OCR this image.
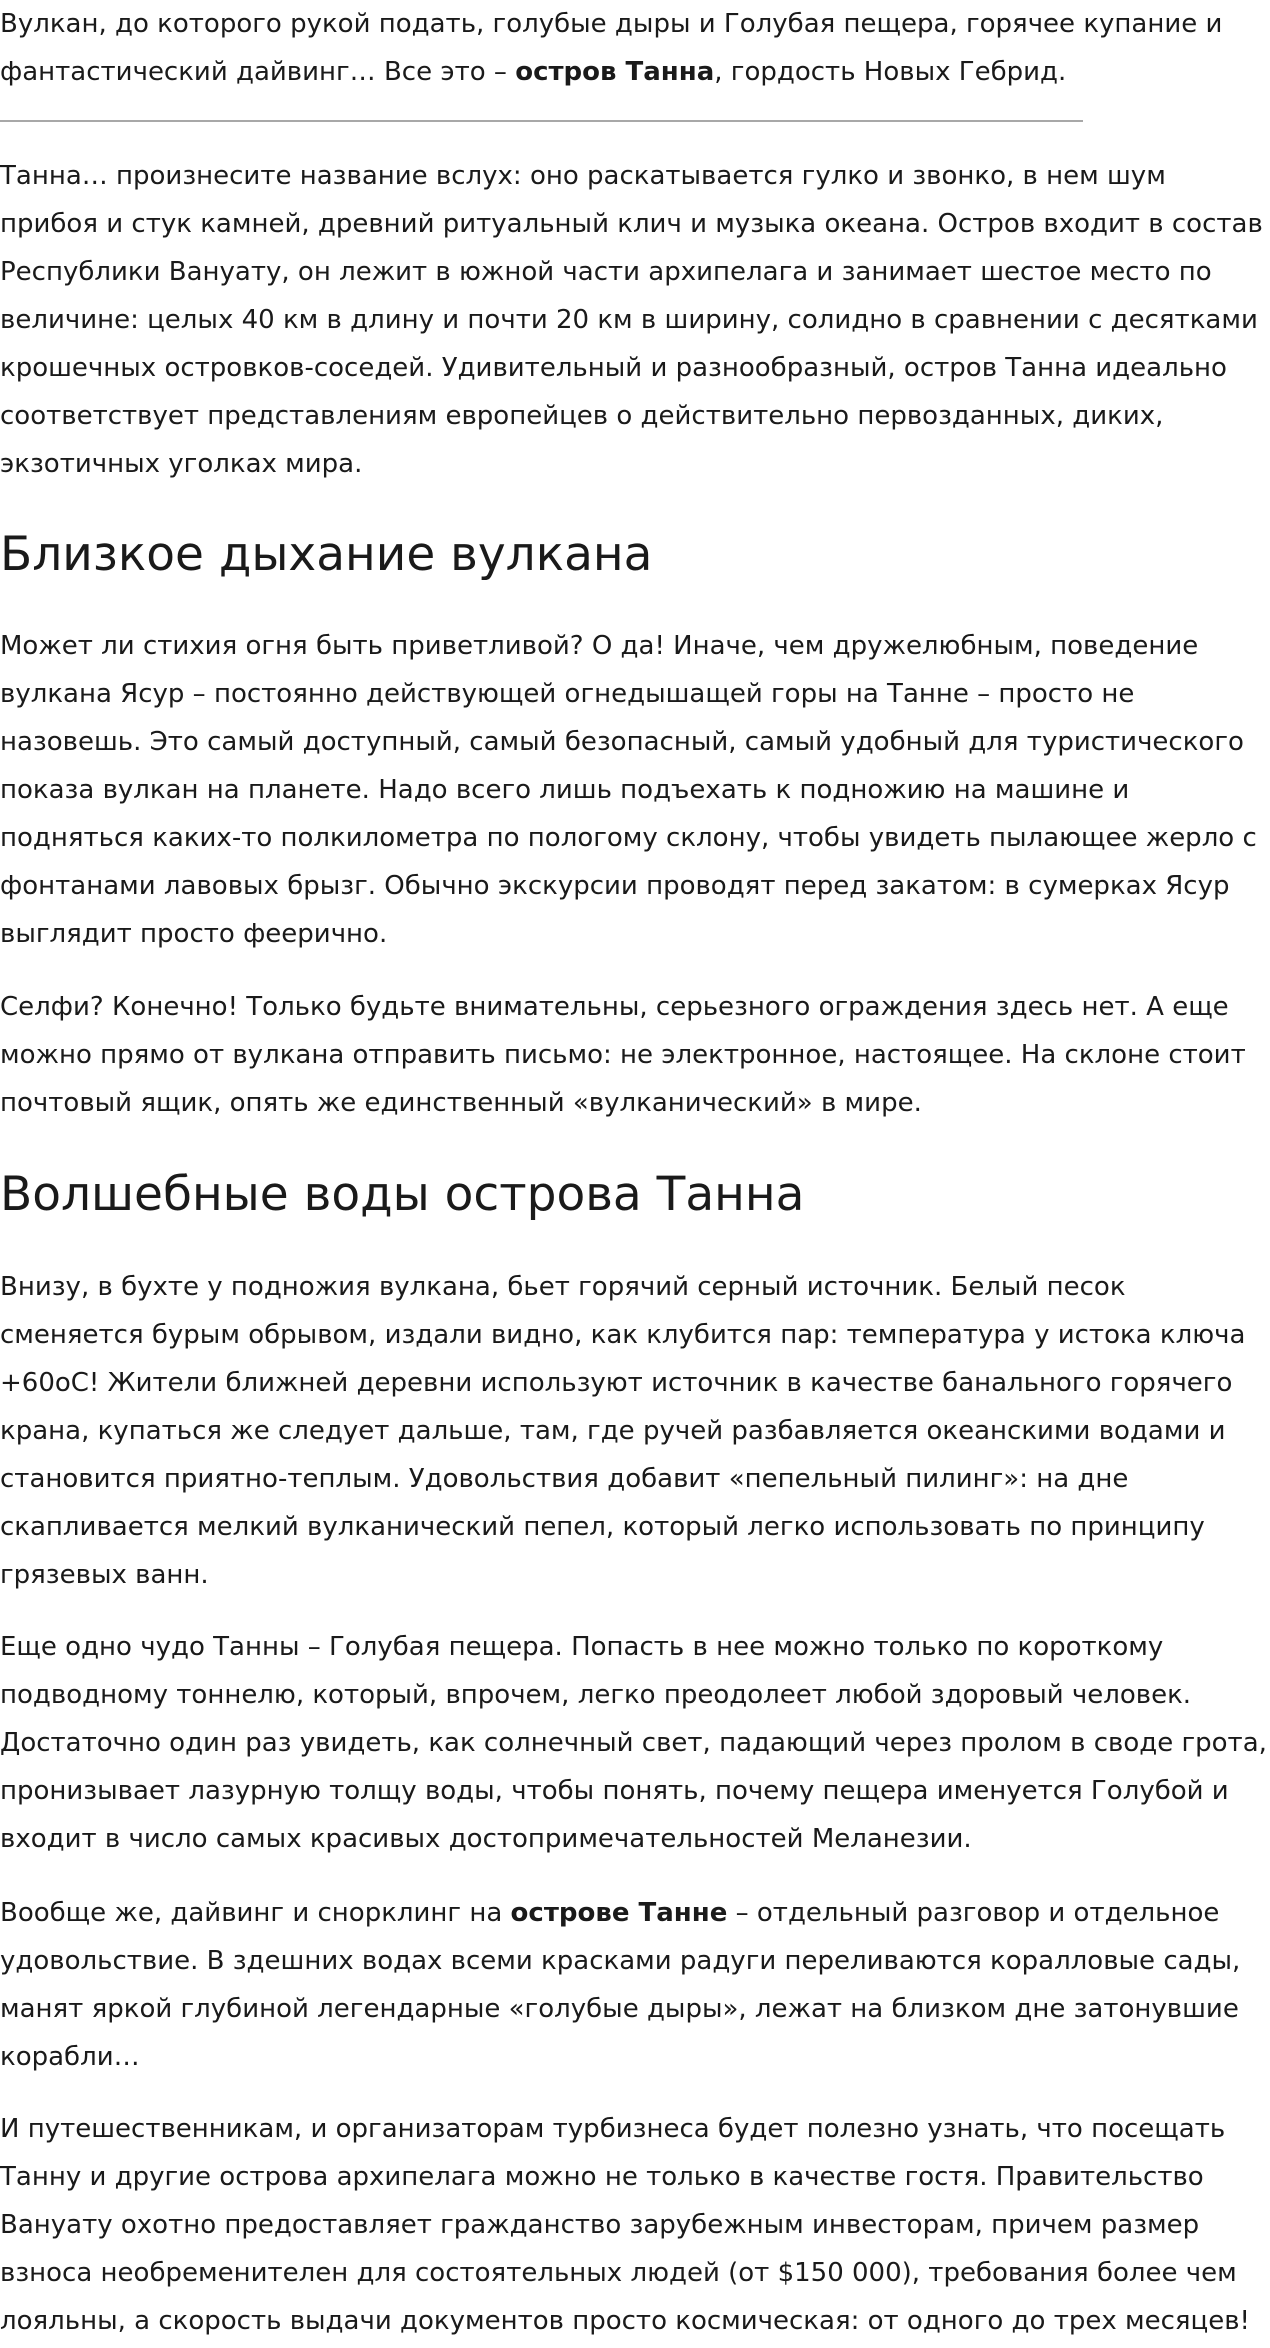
Вулкан, до которого рукой подать, голубые дыры и Голубая пещера, горячее купание и фантастический дайвинг… Все это – остров Танна, гордость Новых Гебрид.

Танна… произнесите название вслух: оно раскатывается гулко и звонко, в нем шум прибоя и стук камней, древний ритуальный клич и музыка океана. Остров входит в состав Республики Вануату, он лежит в южной части архипелага и занимает шестое место по величине: целых 40 км в длину и почти 20 км в ширину, солидно в сравнении с десятками крошечных островков-соседей. Удивительный и разнообразный, остров Танна идеально соответствует представлениям европейцев о действительно первозданных, диких, экзотичных уголках мира.

Близкое дыхание вулкана

Может ли стихия огня быть приветливой? О да! Иначе, чем дружелюбным, поведение вулкана Ясур – постоянно действующей огнедышащей горы на Танне – просто не назовешь. Это самый доступный, самый безопасный, самый удобный для туристического показа вулкан на планете. Надо всего лишь подъехать к подножию на машине и подняться каких-то полкилометра по пологому склону, чтобы увидеть пылающее жерло с фонтанами лавовых брызг. Обычно экскурсии проводят перед закатом: в сумерках Ясур выглядит просто феерично.

Селфи? Конечно! Только будьте внимательны, серьезного ограждения здесь нет. А еще можно прямо от вулкана отправить письмо: не электронное, настоящее. На склоне стоит почтовый ящик, опять же единственный «вулканический» в мире.

Волшебные воды острова Танна

Внизу, в бухте у подножия вулкана, бьет горячий серный источник. Белый песок сменяется бурым обрывом, издали видно, как клубится пар: температура у истока ключа +60оС! Жители ближней деревни используют источник в качестве банального горячего крана, купаться же следует дальше, там, где ручей разбавляется океанскими водами и становится приятно-теплым. Удовольствия добавит «пепельный пилинг»: на дне скапливается мелкий вулканический пепел, который легко использовать по принципу грязевых ванн.

Еще одно чудо Танны – Голубая пещера. Попасть в нее можно только по короткому подводному тоннелю, который, впрочем, легко преодолеет любой здоровый человек. Достаточно один раз увидеть, как солнечный свет, падающий через пролом в своде грота, пронизывает лазурную толщу воды, чтобы понять, почему пещера именуется Голубой и входит в число самых красивых достопримечательностей Меланезии.

Вообще же, дайвинг и снорклинг на острове Танне – отдельный разговор и отдельное удовольствие. В здешних водах всеми красками радуги переливаются коралловые сады, манят яркой глубиной легендарные «голубые дыры», лежат на близком дне затонувшие корабли…

И путешественникам, и организаторам турбизнеса будет полезно узнать, что посещать Танну и другие острова архипелага можно не только в качестве гостя. Правительство Вануату охотно предоставляет гражданство зарубежным инвесторам, причем размер взноса необременителен для состоятельных людей (от $150 000), требования более чем лояльны, а скорость выдачи документов просто космическая: от одного до трех месяцев!
